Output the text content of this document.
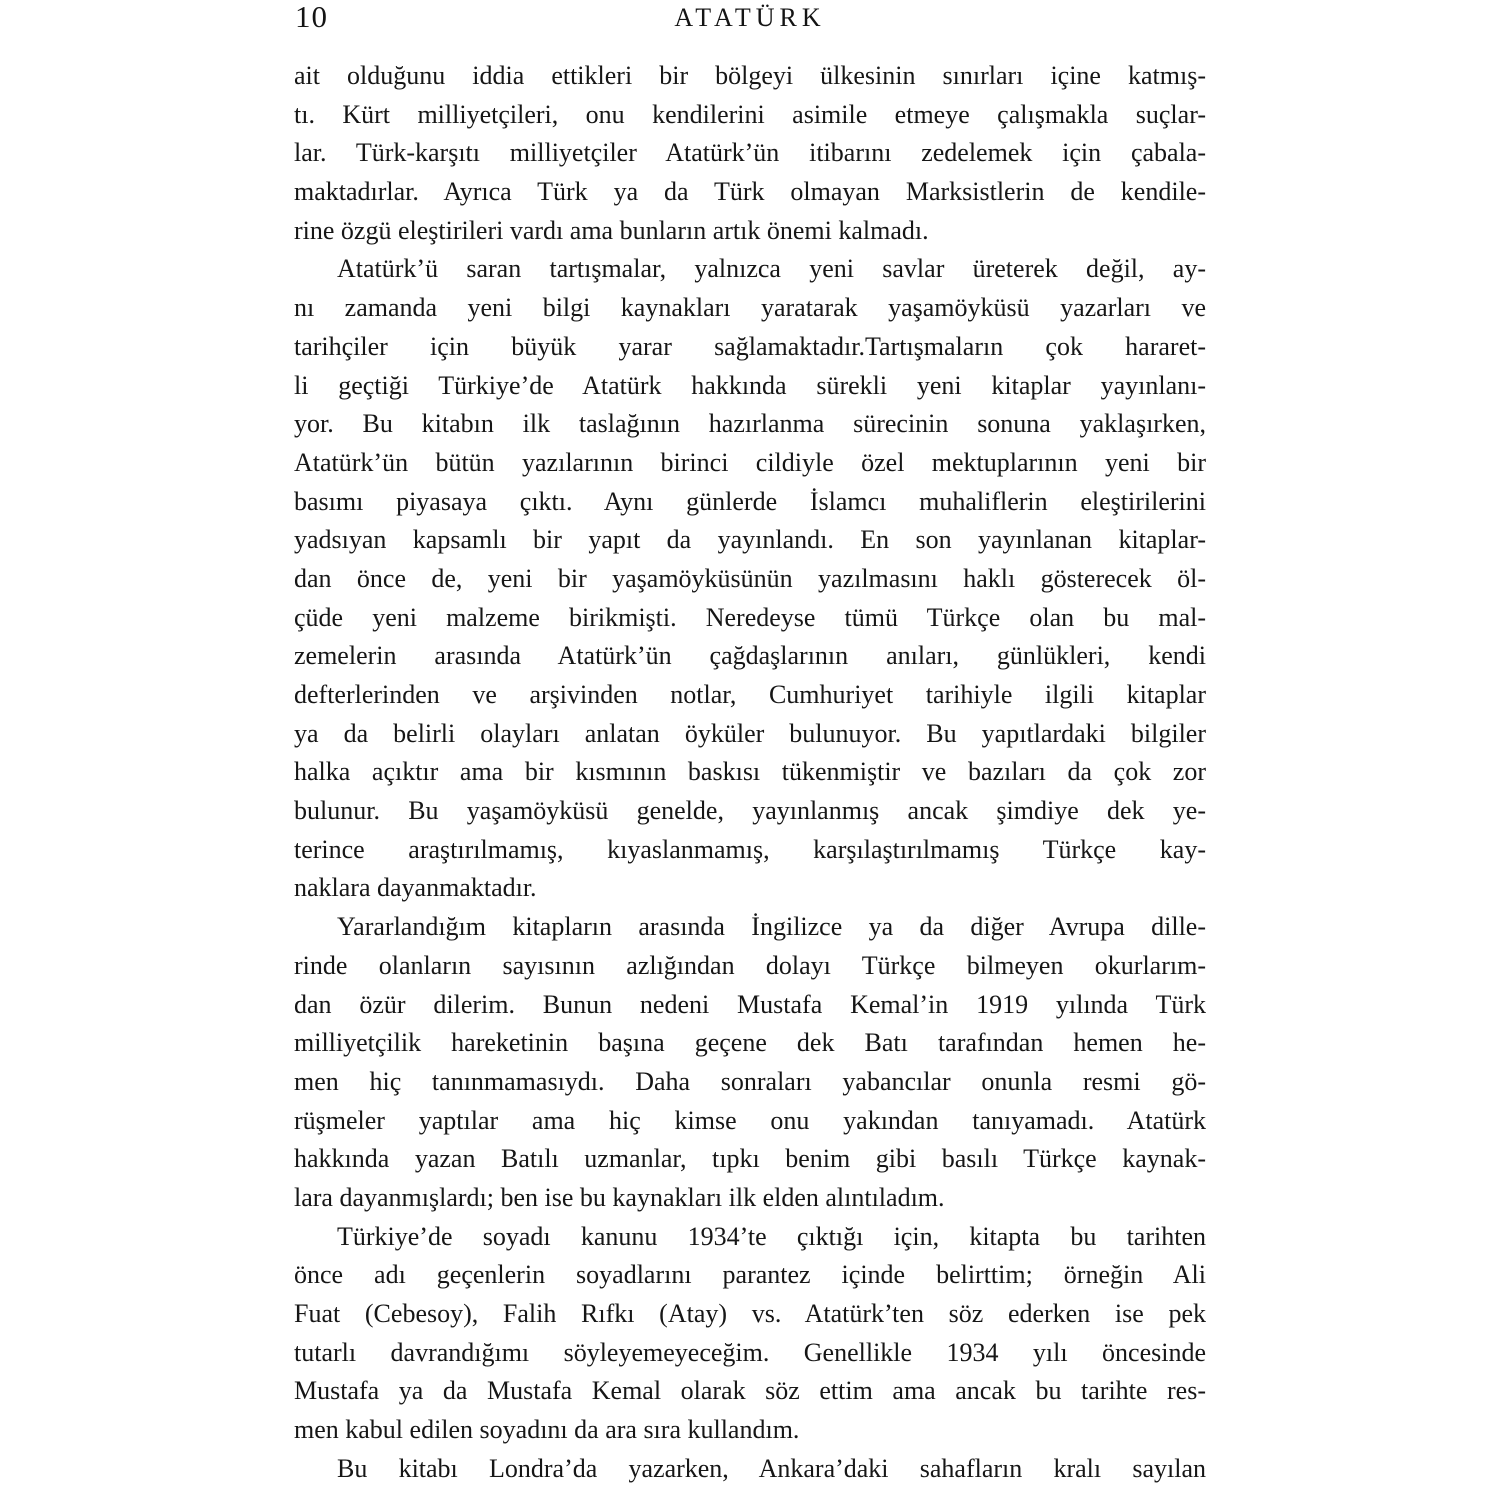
10	ATATÜRK
ait olduğunu iddia ettikleri bir bölgeyi ülkesinin sınırları içine katmış-
tı. Kürt milliyetçileri, onu kendilerini asimile etmeye çalışmakla suçlar-
lar. Türk-karşıtı milliyetçiler Atatürk’ün itibarını zedelemek için çabala-
maktadırlar. Ayrıca Türk ya da Türk olmayan Marksistlerin de kendile-
rine özgü eleştirileri vardı ama bunların artık önemi kalmadı.
Atatürk’ü saran tartışmalar, yalnızca yeni savlar üreterek değil, ay-
nı zamanda yeni bilgi kaynakları yaratarak yaşamöyküsü yazarları ve
tarihçiler için büyük yarar sağlamaktadır.Tartışmaların çok hararet-
li geçtiği Türkiye’de Atatürk hakkında sürekli yeni kitaplar yayınlanı-
yor. Bu kitabın ilk taslağının hazırlanma sürecinin sonuna yaklaşırken,
Atatürk’ün bütün yazılarının birinci cildiyle özel mektuplarının yeni bir
basımı piyasaya çıktı. Aynı günlerde İslamcı muhaliflerin eleştirilerini
yadsıyan kapsamlı bir yapıt da yayınlandı. En son yayınlanan kitaplar-
dan önce de, yeni bir yaşamöyküsünün yazılmasını haklı gösterecek öl-
çüde yeni malzeme birikmişti. Neredeyse tümü Türkçe olan bu mal-
zemelerin arasında Atatürk’ün çağdaşlarının anıları, günlükleri, kendi
defterlerinden ve arşivinden notlar, Cumhuriyet tarihiyle ilgili kitaplar
ya da belirli olayları anlatan öyküler bulunuyor. Bu yapıtlardaki bilgiler
halka açıktır ama bir kısmının baskısı tükenmiştir ve bazıları da çok zor
bulunur. Bu yaşamöyküsü genelde, yayınlanmış ancak şimdiye dek ye-
terince araştırılmamış, kıyaslanmamış, karşılaştırılmamış Türkçe kay-
naklara dayanmaktadır.
Yararlandığım kitapların arasında İngilizce ya da diğer Avrupa dille-
rinde olanların sayısının azlığından dolayı Türkçe bilmeyen okurlarım-
dan özür dilerim. Bunun nedeni Mustafa Kemal’in 1919 yılında Türk
milliyetçilik hareketinin başına geçene dek Batı tarafından hemen he-
men hiç tanınmamasıydı. Daha sonraları yabancılar onunla resmi gö-
rüşmeler yaptılar ama hiç kimse onu yakından tanıyamadı. Atatürk
hakkında yazan Batılı uzmanlar, tıpkı benim gibi basılı Türkçe kaynak-
lara dayanmışlardı; ben ise bu kaynakları ilk elden alıntıladım.
Türkiye’de soyadı kanunu 1934’te çıktığı için, kitapta bu tarihten
önce adı geçenlerin soyadlarını parantez içinde belirttim; örneğin Ali
Fuat (Cebesoy), Falih Rıfkı (Atay) vs. Atatürk’ten söz ederken ise pek
tutarlı davrandığımı söyleyemeyeceğim. Genellikle 1934 yılı öncesinde
Mustafa ya da Mustafa Kemal olarak söz ettim ama ancak bu tarihte res-
men kabul edilen soyadını da ara sıra kullandım.
Bu kitabı Londra’da yazarken, Ankara’daki sahafların kralı sayılan
